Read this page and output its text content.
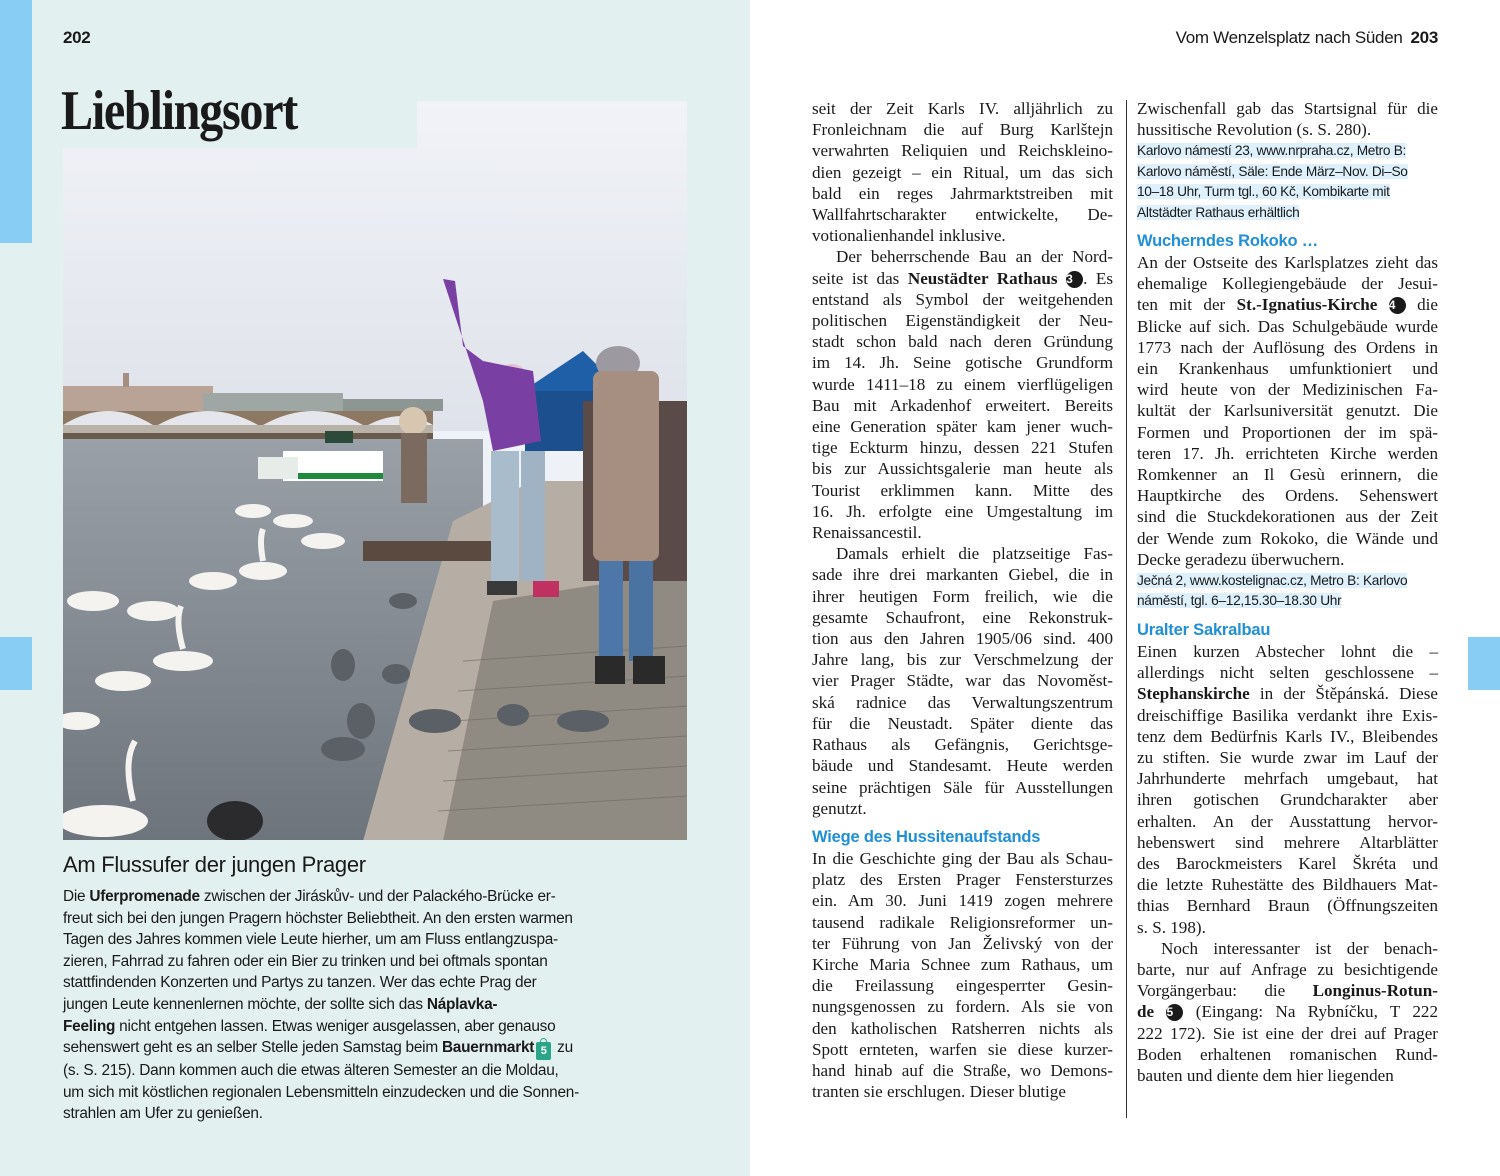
202
Lieblingsort
Am Flussufer der jungen Prager

Die Uferpromenade zwischen der Jiráskův- und der Palackého-Brücke er-

freut sich bei den jungen Pragern höchster Beliebtheit. An den ersten warmen

Tagen des Jahres kommen viele Leute hierher, um am Fluss entlangzuspa-

zieren, Fahrrad zu fahren oder ein Bier zu trinken und bei oftmals spontan

stattfindenden Konzerten und Partys zu tanzen. Wer das echte Prag der

jungen Leute kennenlernen möchte, der sollte sich das Náplavka-

Feeling nicht entgehen lassen. Etwas weniger ausgelassen, aber genauso

sehenswert geht es an selber Stelle jeden Samstag beim Bauernmarkt 5 zu

(s. S. 215). Dann kommen auch die etwas älteren Semester an die Moldau,

um sich mit köstlichen regionalen Lebensmitteln einzudecken und die Sonnen-

strahlen am Ufer zu genießen.

Vom Wenzelsplatz nach Süden 203

seit der Zeit Karls IV. alljährlich zu

Fronleichnam die auf Burg Karlštejn

verwahrten Reliquien und Reichskleino-

dien gezeigt – ein Ritual, um das sich

bald ein reges Jahrmarktstreiben mit

Wallfahrtscharakter entwickelte, De-

votionalienhandel inklusive.

Der beherrschende Bau an der Nord-

seite ist das Neustädter Rathaus 3 . Es

entstand als Symbol der weitgehenden

politischen Eigenständigkeit der Neu-

stadt schon bald nach deren Gründung

im 14. Jh. Seine gotische Grundform

wurde 1411–18 zu einem vierflügeligen

Bau mit Arkadenhof erweitert. Bereits

eine Generation später kam jener wuch-

tige Eckturm hinzu, dessen 221 Stufen

bis zur Aussichtsgalerie man heute als

Tourist erklimmen kann. Mitte des

16. Jh. erfolgte eine Umgestaltung im

Renaissancestil.

Damals erhielt die platzseitige Fas-

sade ihre drei markanten Giebel, die in

ihrer heutigen Form freilich, wie die

gesamte Schaufront, eine Rekonstruk-

tion aus den Jahren 1905/06 sind. 400

Jahre lang, bis zur Verschmelzung der

vier Prager Städte, war das Novoměst-

ská radnice das Verwaltungszentrum

für die Neustadt. Später diente das

Rathaus als Gefängnis, Gerichtsge-

bäude und Standesamt. Heute werden

seine prächtigen Säle für Ausstellungen

genutzt.

Wiege des Hussitenaufstands

In die Geschichte ging der Bau als Schau-

platz des Ersten Prager Fenstersturzes

ein. Am 30. Juni 1419 zogen mehrere

tausend radikale Religionsreformer un-

ter Führung von Jan Želivský von der

Kirche Maria Schnee zum Rathaus, um

die Freilassung eingesperrter Gesin-

nungsgenossen zu fordern. Als sie von

den katholischen Ratsherren nichts als

Spott ernteten, warfen sie diese kurzer-

hand hinab auf die Straße, wo Demons-

tranten sie erschlugen. Dieser blutige

Zwischenfall gab das Startsignal für die

hussitische Revolution (s. S. 280).

Karlovo námestí 23, www.nrpraha.cz, Metro B:
Karlovo náměstí, Säle: Ende März–Nov. Di–So
10–18 Uhr, Turm tgl., 60 Kč, Kombikarte mit
Altstädter Rathaus erhältlich
Wucherndes Rokoko …

An der Ostseite des Karlsplatzes zieht das

ehemalige Kollegiengebäude der Jesui-

ten mit der St.-Ignatius-Kirche 4 die

Blicke auf sich. Das Schulgebäude wurde

1773 nach der Auflösung des Ordens in

ein Krankenhaus umfunktioniert und

wird heute von der Medizinischen Fa-

kultät der Karlsuniversität genutzt. Die

Formen und Proportionen der im spä-

teren 17. Jh. errichteten Kirche werden

Romkenner an Il Gesù erinnern, die

Hauptkirche des Ordens. Sehenswert

sind die Stuckdekorationen aus der Zeit

der Wende zum Rokoko, die Wände und

Decke geradezu überwuchern.

Ječná 2, www.kostelignac.cz, Metro B: Karlovo
náměstí, tgl. 6–12,15.30–18.30 Uhr
Uralter Sakralbau

Einen kurzen Abstecher lohnt die –

allerdings nicht selten geschlossene –

Stephanskirche in der Štěpánská. Diese

dreischiffige Basilika verdankt ihre Exis-

tenz dem Bedürfnis Karls IV., Bleibendes

zu stiften. Sie wurde zwar im Lauf der

Jahrhunderte mehrfach umgebaut, hat

ihren gotischen Grundcharakter aber

erhalten. An der Ausstattung hervor-

hebenswert sind mehrere Altarblätter

des Barockmeisters Karel Škréta und

die letzte Ruhestätte des Bildhauers Mat-

thias Bernhard Braun (Öffnungszeiten

s. S. 198).

Noch interessanter ist der benach-

barte, nur auf Anfrage zu besichtigende

Vorgängerbau: die Longinus-Rotun-

de 5 (Eingang: Na Rybníčku, T 222

222 172). Sie ist eine der drei auf Prager

Boden erhaltenen romanischen Rund-

bauten und diente dem hier liegenden
